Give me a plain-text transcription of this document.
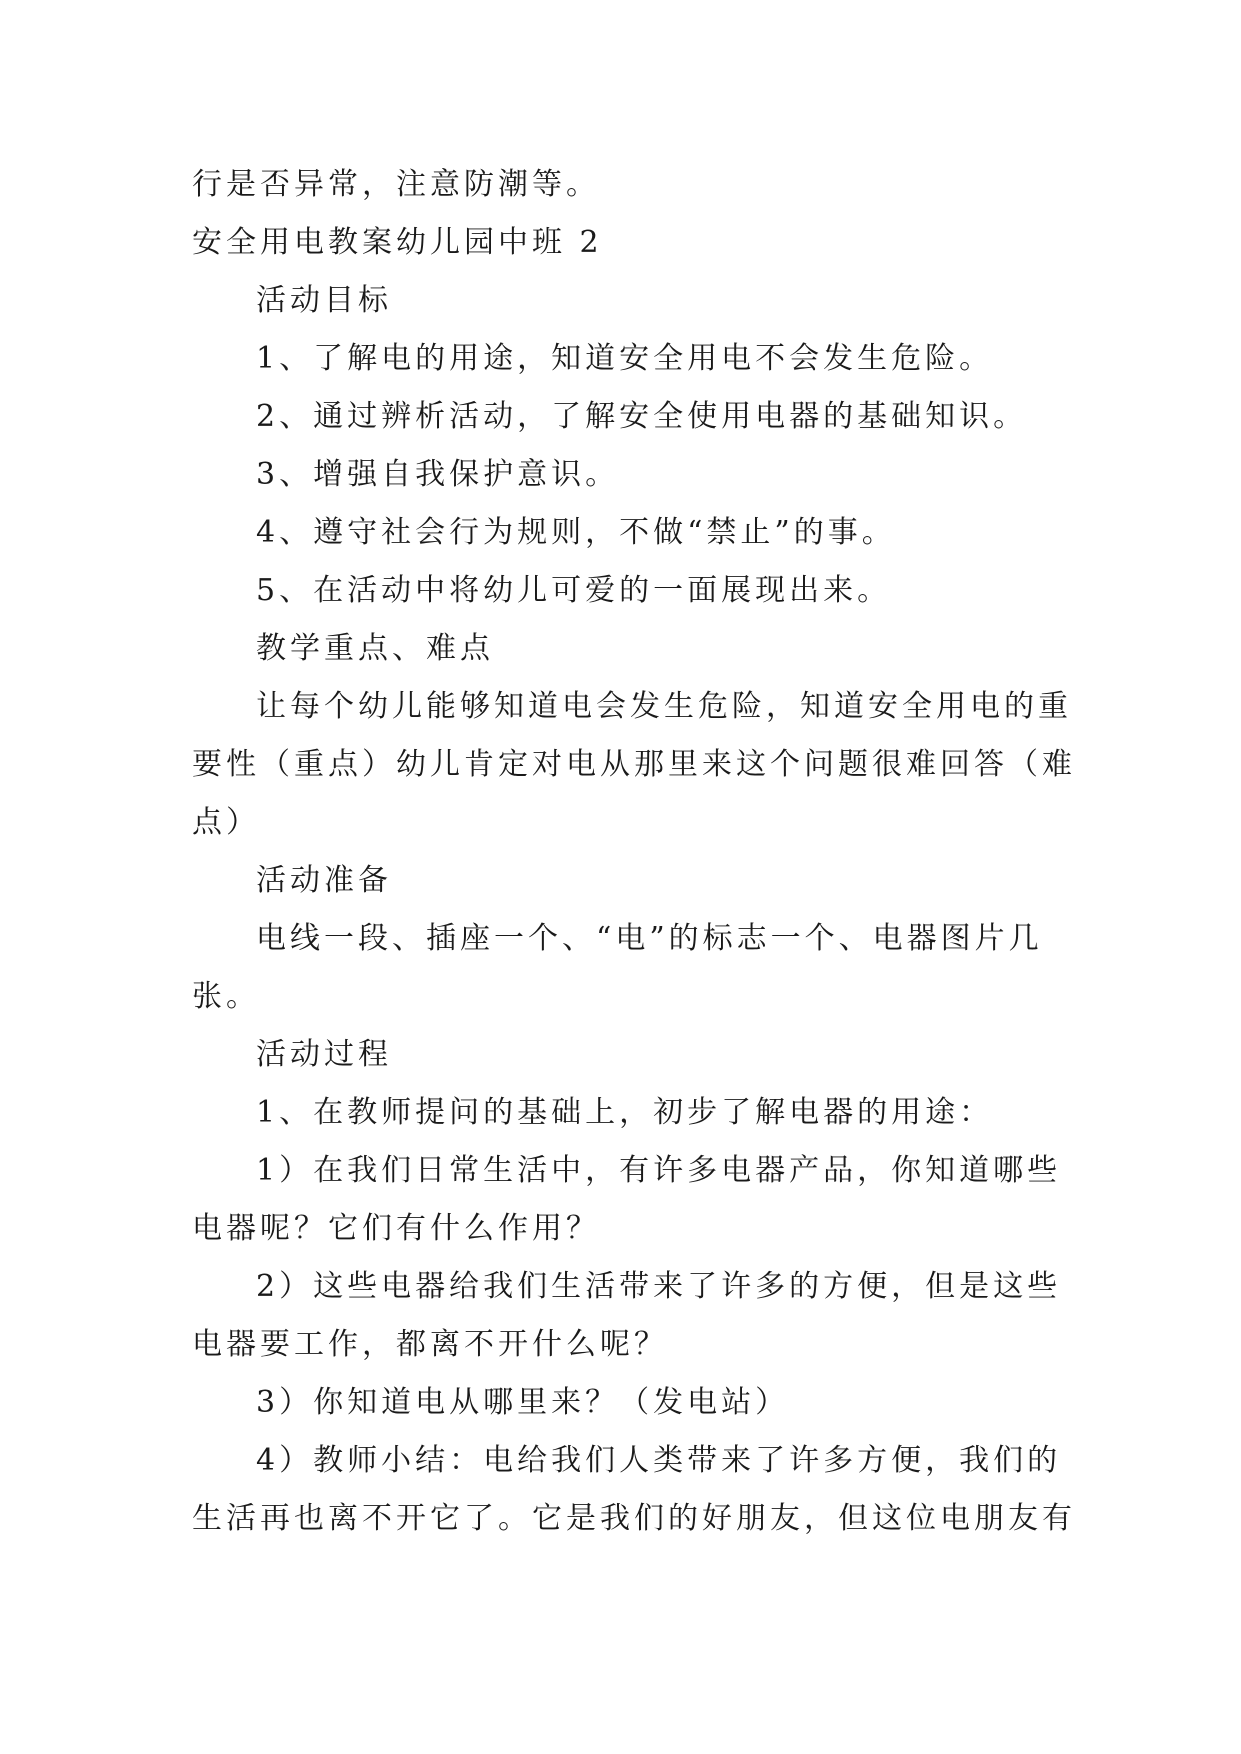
行是否异常，注意防潮等。
安全用电教案幼儿园中班 2
活动目标
1、了解电的用途，知道安全用电不会发生危险。
2、通过辨析活动，了解安全使用电器的基础知识。
3、增强自我保护意识。
4、遵守社会行为规则，不做“禁止”的事。
5、在活动中将幼儿可爱的一面展现出来。
教学重点、难点
让每个幼儿能够知道电会发生危险，知道安全用电的重
要性（重点）幼儿肯定对电从那里来这个问题很难回答（难
点）
活动准备
电线一段、插座一个、“电”的标志一个、电器图片几
张。
活动过程
1、在教师提问的基础上，初步了解电器的用途：
1）在我们日常生活中，有许多电器产品，你知道哪些
电器呢？它们有什么作用？
2）这些电器给我们生活带来了许多的方便，但是这些
电器要工作，都离不开什么呢？
3）你知道电从哪里来？（发电站）
4）教师小结：电给我们人类带来了许多方便，我们的
生活再也离不开它了。它是我们的好朋友，但这位电朋友有
